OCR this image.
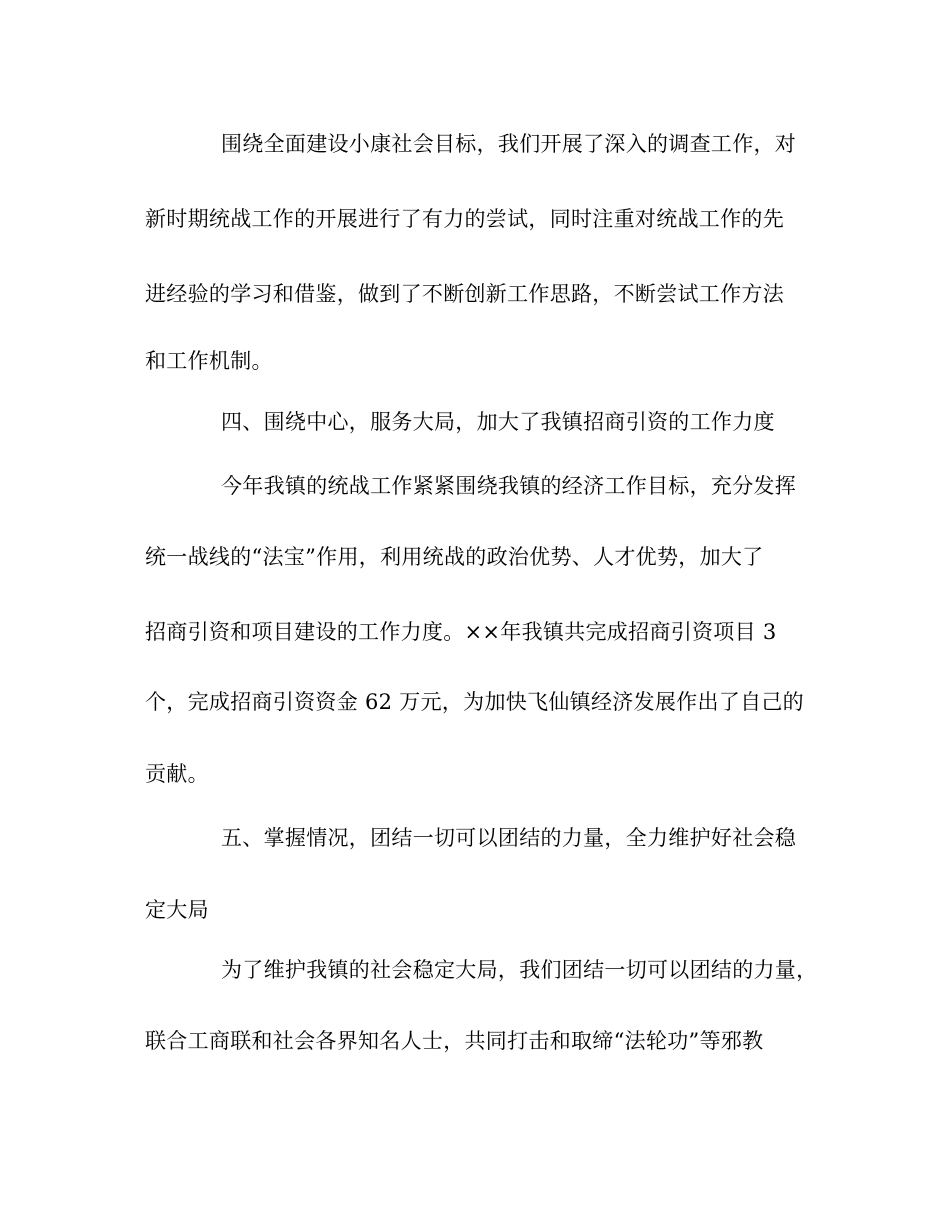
围绕全面建设小康社会目标，我们开展了深入的调查工作，对
新时期统战工作的开展进行了有力的尝试，同时注重对统战工作的先
进经验的学习和借鉴，做到了不断创新工作思路，不断尝试工作方法
和工作机制。
四、围绕中心，服务大局，加大了我镇招商引资的工作力度
今年我镇的统战工作紧紧围绕我镇的经济工作目标，充分发挥
统一战线的“法宝”作用，利用统战的政治优势、人才优势，加大了
招商引资和项目建设的工作力度。××年我镇共完成招商引资项目 3
个，完成招商引资资金 62 万元，为加快飞仙镇经济发展作出了自己的
贡献。
五、掌握情况，团结一切可以团结的力量，全力维护好社会稳
定大局
为了维护我镇的社会稳定大局，我们团结一切可以团结的力量，
联合工商联和社会各界知名人士，共同打击和取缔“法轮功”等邪教
